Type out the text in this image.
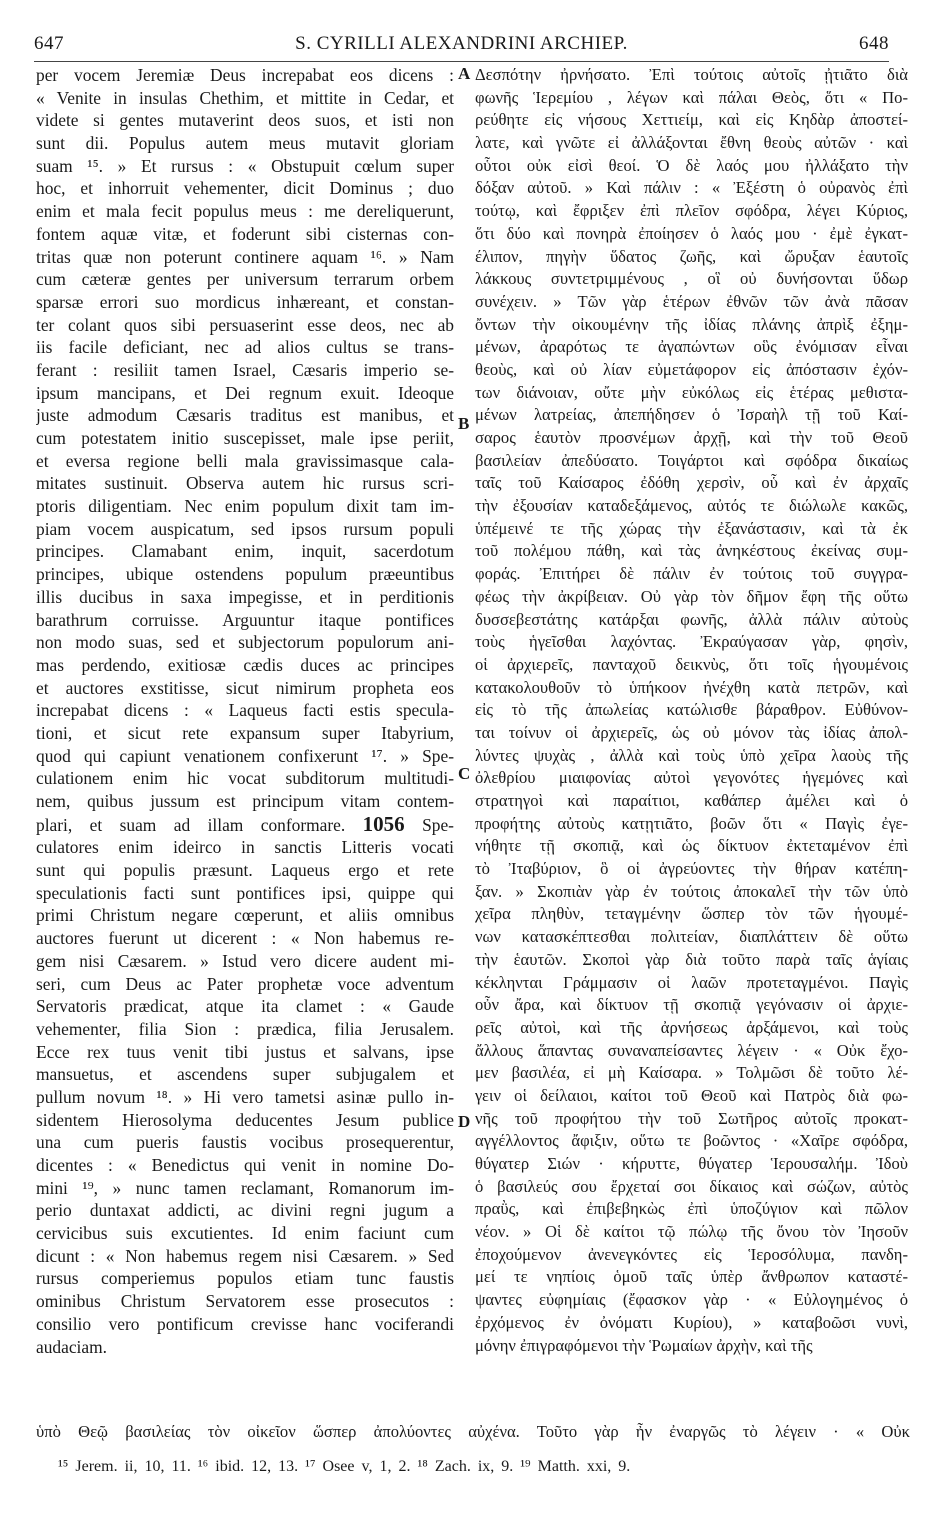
647	S. CYRILLI ALEXANDRINI ARCHIEP.	648
per vocem Jeremiæ Deus increpabat eos dicens :
« Venite in insulas Chethim, et mittite in Cedar, et
videte si gentes mutaverint deos suos, et isti non
sunt dii. Populus autem meus mutavit gloriam
suam ¹⁵. » Et rursus : « Obstupuit cœlum super
hoc, et inhorruit vehementer, dicit Dominus ; duo
enim et mala fecit populus meus : me dereliquerunt,
fontem aquæ vitæ, et foderunt sibi cisternas con-
tritas quæ non poterunt continere aquam ¹⁶. » Nam
cum cæteræ gentes per universum terrarum orbem
sparsæ errori suo mordicus inhæreant, et constan-
ter colant quos sibi persuaserint esse deos, nec ab
iis facile deficiant, nec ad alios cultus se trans-
ferant : resiliit tamen Israel, Cæsaris imperio se-
ipsum mancipans, et Dei regnum exuit. Ideoque
juste admodum Cæsaris traditus est manibus, et
cum potestatem initio suscepisset, male ipse periit,
et eversa regione belli mala gravissimasque cala-
mitates sustinuit. Observa autem hic rursus scri-
ptoris diligentiam. Nec enim populum dixit tam im-
piam vocem auspicatum, sed ipsos rursum populi
principes. Clamabant enim, inquit, sacerdotum
principes, ubique ostendens populum præeuntibus
illis ducibus in saxa impegisse, et in perditionis
barathrum corruisse. Arguuntur itaque pontifices
non modo suas, sed et subjectorum populorum ani-
mas perdendo, exitiosæ cædis duces ac principes
et auctores exstitisse, sicut nimirum propheta eos
increpabat dicens : « Laqueus facti estis specula-
tioni, et sicut rete expansum super Itabyrium,
quod qui capiunt venationem confixerunt ¹⁷. » Spe-
culationem enim hic vocat subditorum multitudi-
nem, quibus jussum est principum vitam contem-
plari, et suam ad illam conformare. 1056 Spe-
culatores enim ideirco in sanctis Litteris vocati
sunt qui populis præsunt. Laqueus ergo et rete
speculationis facti sunt pontifices ipsi, quippe qui
primi Christum negare cœperunt, et aliis omnibus
auctores fuerunt ut dicerent : « Non habemus re-
gem nisi Cæsarem. » Istud vero dicere audent mi-
seri, cum Deus ac Pater prophetæ voce adventum
Servatoris prædicat, atque ita clamet : « Gaude
vehementer, filia Sion : prædica, filia Jerusalem.
Ecce rex tuus venit tibi justus et salvans, ipse
mansuetus, et ascendens super subjugalem et
pullum novum ¹⁸. » Hi vero tametsi asinæ pullo in-
sidentem Hierosolyma deducentes Jesum publice
una cum pueris faustis vocibus prosequerentur,
dicentes : « Benedictus qui venit in nomine Do-
mini ¹⁹, » nunc tamen reclamant, Romanorum im-
perio duntaxat addicti, ac divini regni jugum a
cervicibus suis excutientes. Id enim faciunt cum
dicunt : « Non habemus regem nisi Cæsarem. » Sed
rursus comperiemus populos etiam tunc faustis
ominibus Christum Servatorem esse prosecutos :
consilio vero pontificum crevisse hanc vociferandi
audaciam.
Δεσπότην ἠρνήσατο. Ἐπὶ τούτοις αὐτοῖς ᾐτιᾶτο διὰ
φωνῆς Ἱερεμίου , λέγων καὶ πάλαι Θεὸς, ὅτι « Πο-
ρεύθητε εἰς νήσους Χεττιείμ, καὶ εἰς Κηδὰρ ἀποστεί-
λατε, καὶ γνῶτε εἰ ἀλλάξονται ἔθνη θεοὺς αὐτῶν · καὶ
οὗτοι οὐκ εἰσὶ θεοί. Ὁ δὲ λαός μου ἠλλάξατο τὴν
δόξαν αὐτοῦ. » Καὶ πάλιν : « Ἐξέστη ὁ οὐρανὸς ἐπὶ
τούτῳ, καὶ ἔφριξεν ἐπὶ πλεῖον σφόδρα, λέγει Κύριος,
ὅτι δύο καὶ πονηρὰ ἐποίησεν ὁ λαός μου · ἐμὲ ἐγκατ-
έλιπον, πηγὴν ὕδατος ζωῆς, καὶ ὤρυξαν ἑαυτοῖς
λάκκους συντετριμμένους , οἳ οὐ δυνήσονται ὕδωρ
συνέχειν. » Τῶν γὰρ ἑτέρων ἐθνῶν τῶν ἀνὰ πᾶσαν
ὄντων τὴν οἰκουμένην τῆς ἰδίας πλάνης ἀπρὶξ ἐξημ-
μένων, ἀραρότως τε ἀγαπώντων οὓς ἐνόμισαν εἶναι
θεοὺς, καὶ οὐ λίαν εὐμετάφορον εἰς ἀπόστασιν ἐχόν-
των διάνοιαν, οὔτε μὴν εὐκόλως εἰς ἑτέρας μεθιστα-
μένων λατρείας, ἀπεπήδησεν ὁ Ἰσραὴλ τῇ τοῦ Καί-
σαρος ἑαυτὸν προσνέμων ἀρχῇ, καὶ τὴν τοῦ Θεοῦ
βασιλείαν ἀπεδύσατο. Τοιγάρτοι καὶ σφόδρα δικαίως
ταῖς τοῦ Καίσαρος ἐδόθη χερσὶν, οὗ καὶ ἐν ἀρχαῖς
τὴν ἐξουσίαν καταδεξάμενος, αὐτός τε διώλωλε κακῶς,
ὑπέμεινέ τε τῆς χώρας τὴν ἐξανάστασιν, καὶ τὰ ἐκ
τοῦ πολέμου πάθη, καὶ τὰς ἀνηκέστους ἐκείνας συμ-
φοράς. Ἐπιτήρει δὲ πάλιν ἐν τούτοις τοῦ συγγρα-
φέως τὴν ἀκρίβειαν. Οὐ γὰρ τὸν δῆμον ἔφη τῆς οὕτω
δυσσεβεστάτης κατάρξαι φωνῆς, ἀλλὰ πάλιν αὐτοὺς
τοὺς ἡγεῖσθαι λαχόντας. Ἐκραύγασαν γὰρ, φησὶν,
οἱ ἀρχιερεῖς, πανταχοῦ δεικνὺς, ὅτι τοῖς ἡγουμένοις
κατακολουθοῦν τὸ ὑπήκοον ἠνέχθη κατὰ πετρῶν, καὶ
εἰς τὸ τῆς ἀπωλείας κατώλισθε βάραθρον. Εὐθύνον-
ται τοίνυν οἱ ἀρχιερεῖς, ὡς οὐ μόνον τὰς ἰδίας ἀπολ-
λύντες ψυχὰς , ἀλλὰ καὶ τοὺς ὑπὸ χεῖρα λαοὺς τῆς
ὀλεθρίου μιαιφονίας αὐτοὶ γεγονότες ἡγεμόνες καὶ
στρατηγοὶ καὶ παραίτιοι, καθάπερ ἀμέλει καὶ ὁ
προφήτης αὐτοὺς κατῃτιᾶτο, βοῶν ὅτι « Παγὶς ἐγε-
νήθητε τῇ σκοπιᾷ, καὶ ὡς δίκτυον ἐκτεταμένον ἐπὶ
τὸ Ἰταβύριον, ὃ οἱ ἀγρεύοντες τὴν θήραν κατέπη-
ξαν. » Σκοπιὰν γὰρ ἐν τούτοις ἀποκαλεῖ τὴν τῶν ὑπὸ
χεῖρα πληθὺν, τεταγμένην ὥσπερ τὸν τῶν ἡγουμέ-
νων κατασκέπτεσθαι πολιτείαν, διαπλάττειν δὲ οὕτω
τὴν ἑαυτῶν. Σκοποὶ γὰρ διὰ τοῦτο παρὰ ταῖς ἁγίαις
κέκληνται Γράμμασιν οἱ λαῶν προτεταγμένοι. Παγὶς
οὖν ἄρα, καὶ δίκτυον τῇ σκοπιᾷ γεγόνασιν οἱ ἀρχιε-
ρεῖς αὐτοὶ, καὶ τῆς ἀρνήσεως ἀρξάμενοι, καὶ τοὺς
ἄλλους ἅπαντας συναναπείσαντες λέγειν · « Οὐκ ἔχο-
μεν βασιλέα, εἰ μὴ Καίσαρα. » Τολμῶσι δὲ τοῦτο λέ-
γειν οἱ δείλαιοι, καίτοι τοῦ Θεοῦ καὶ Πατρὸς διὰ φω-
νῆς τοῦ προφήτου τὴν τοῦ Σωτῆρος αὐτοῖς προκατ-
αγγέλλοντος ἄφιξιν, οὕτω τε βοῶντος · «Χαῖρε σφόδρα,
θύγατερ Σιών · κήρυττε, θύγατερ Ἱερουσαλήμ. Ἰδοὺ
ὁ βασιλεύς σου ἔρχεταί σοι δίκαιος καὶ σώζων, αὐτὸς
πραῢς, καὶ ἐπιβεβηκὼς ἐπὶ ὑποζύγιον καὶ πῶλον
νέον. » Οἱ δὲ καίτοι τῷ πώλῳ τῆς ὄνου τὸν Ἰησοῦν
ἐποχούμενον ἀνενεγκόντες εἰς Ἱεροσόλυμα, πανδη-
μεί τε νηπίοις ὁμοῦ ταῖς ὑπὲρ ἄνθρωπον καταστέ-
ψαντες εὐφημίαις (ἔφασκον γὰρ · « Εὐλογημένος ὁ
ἐρχόμενος ἐν ὀνόματι Κυρίου), » καταβοῶσι νυνὶ,
μόνην ἐπιγραφόμενοι τὴν Ῥωμαίων ἀρχὴν, καὶ τῆς
A
B
C
D
ὑπὸ Θεῷ βασιλείας τὸν οἰκεῖον ὥσπερ ἀπολύοντες αὐχένα. Τοῦτο γὰρ ἦν ἐναργῶς τὸ λέγειν · « Οὐκ
¹⁵ Jerem. ii, 10, 11. ¹⁶ ibid. 12, 13. ¹⁷ Osee v, 1, 2. ¹⁸ Zach. ix, 9. ¹⁹ Matth. xxi, 9.
